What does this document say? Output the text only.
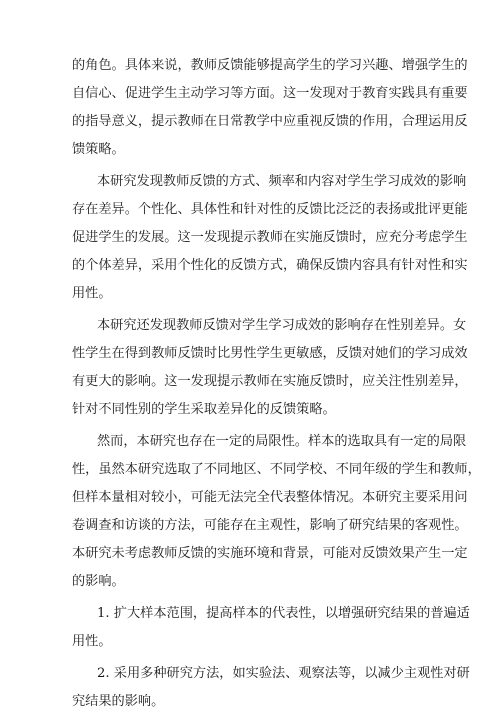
的角色。具体来说，教师反馈能够提高学生的学习兴趣、增强学生的
自信心、促进学生主动学习等方面。这一发现对于教育实践具有重要
的指导意义，提示教师在日常教学中应重视反馈的作用，合理运用反
馈策略。
本研究发现教师反馈的方式、频率和内容对学生学习成效的影响
存在差异。个性化、具体性和针对性的反馈比泛泛的表扬或批评更能
促进学生的发展。这一发现提示教师在实施反馈时，应充分考虑学生
的个体差异，采用个性化的反馈方式，确保反馈内容具有针对性和实
用性。
本研究还发现教师反馈对学生学习成效的影响存在性别差异。女
性学生在得到教师反馈时比男性学生更敏感，反馈对她们的学习成效
有更大的影响。这一发现提示教师在实施反馈时，应关注性别差异，
针对不同性别的学生采取差异化的反馈策略。
然而，本研究也存在一定的局限性。样本的选取具有一定的局限
性，虽然本研究选取了不同地区、不同学校、不同年级的学生和教师，
但样本量相对较小，可能无法完全代表整体情况。本研究主要采用问
卷调查和访谈的方法，可能存在主观性，影响了研究结果的客观性。
本研究未考虑教师反馈的实施环境和背景，可能对反馈效果产生一定
的影响。
1. 扩大样本范围，提高样本的代表性，以增强研究结果的普遍适
用性。
2. 采用多种研究方法，如实验法、观察法等，以减少主观性对研
究结果的影响。
